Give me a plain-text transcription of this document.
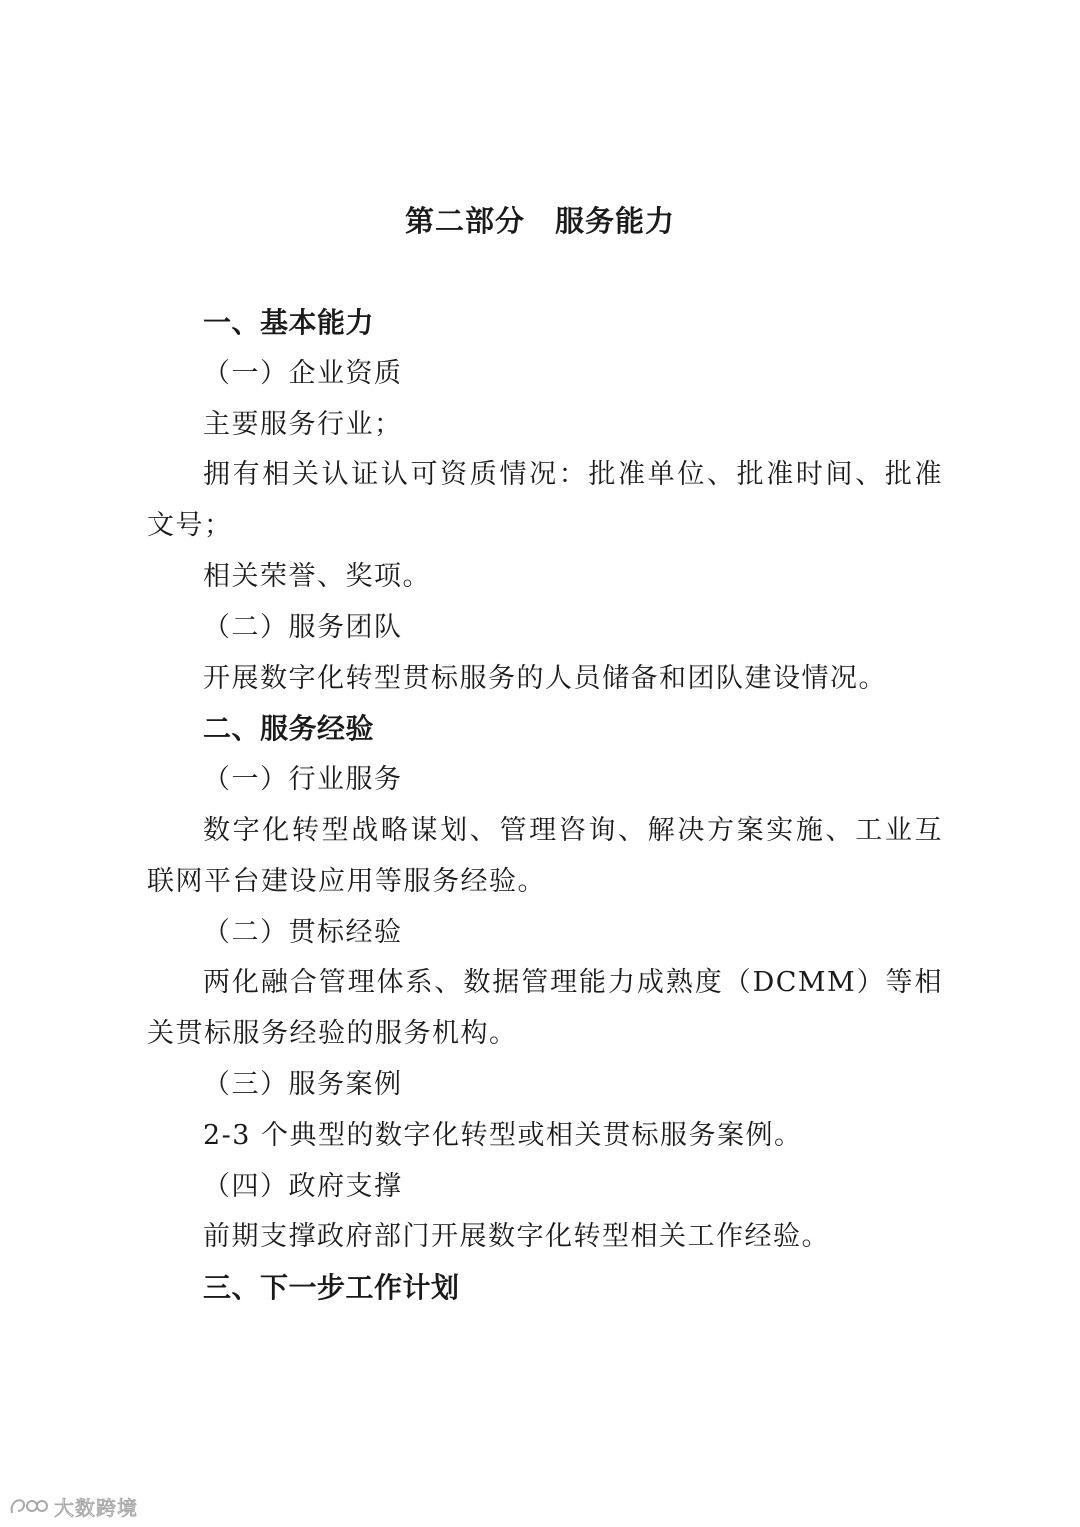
第二部分　服务能力
一、基本能力
（一）企业资质
主要服务行业；
拥有相关认证认可资质情况：批准单位、批准时间、批准文号；
相关荣誉、奖项。
（二）服务团队
开展数字化转型贯标服务的人员储备和团队建设情况。
二、服务经验
（一）行业服务
数字化转型战略谋划、管理咨询、解决方案实施、工业互联网平台建设应用等服务经验。
（二）贯标经验
两化融合管理体系、数据管理能力成熟度（DCMM）等相关贯标服务经验的服务机构。
（三）服务案例
2-3 个典型的数字化转型或相关贯标服务案例。
（四）政府支撑
前期支撑政府部门开展数字化转型相关工作经验。
三、下一步工作计划
大数跨境
